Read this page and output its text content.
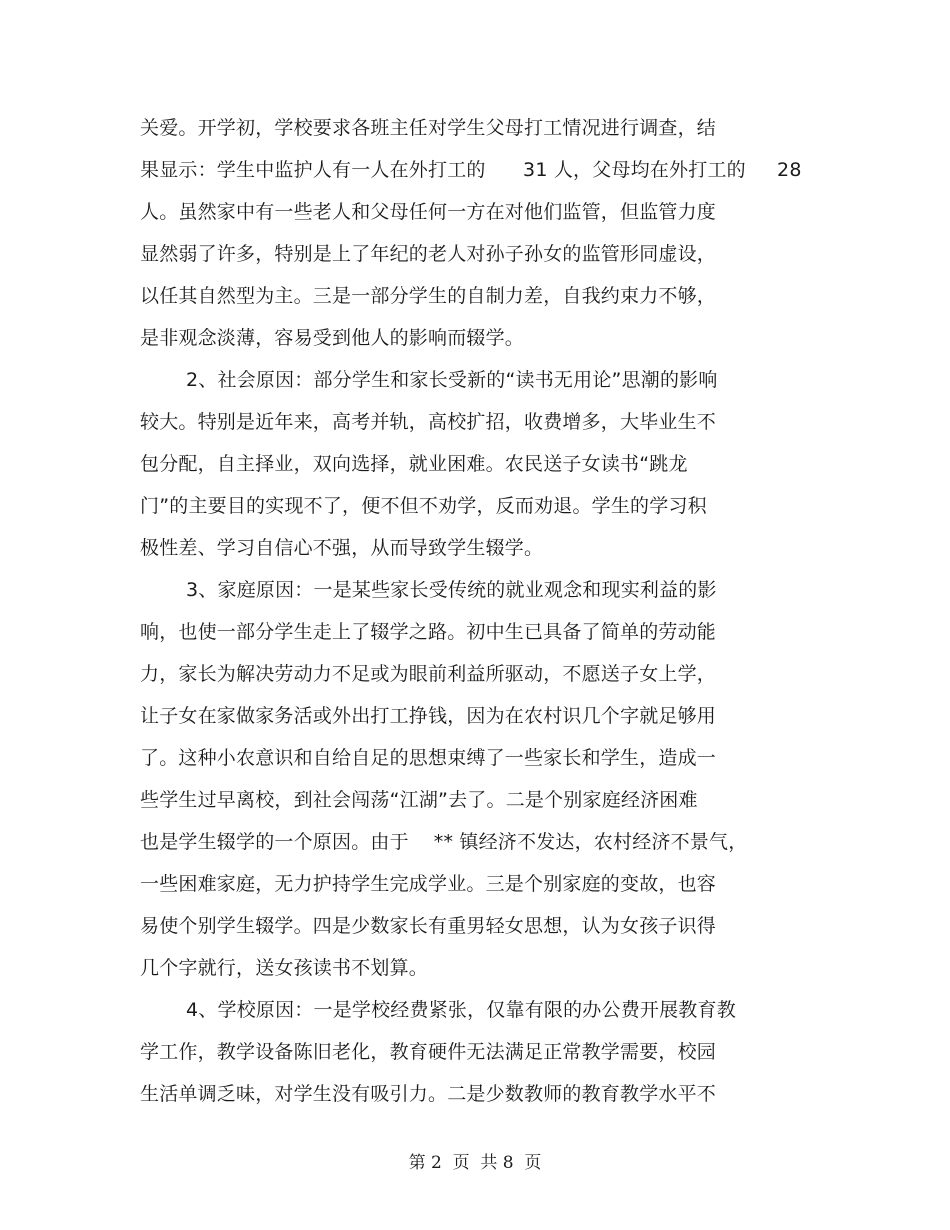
关爱。开学初，学校要求各班主任对学生父母打工情况进行调查，结
果显示：学生中监护人有一人在外打工的      31 人，父母均在外打工的     28
人。虽然家中有一些老人和父母任何一方在对他们监管，但监管力度
显然弱了许多，特别是上了年纪的老人对孙子孙女的监管形同虚设，
以任其自然型为主。三是一部分学生的自制力差，自我约束力不够，
是非观念淡薄，容易受到他人的影响而辍学。
2、社会原因：部分学生和家长受新的“读书无用论”思潮的影响
较大。特别是近年来，高考并轨，高校扩招，收费增多，大毕业生不
包分配，自主择业，双向选择，就业困难。农民送子女读书“跳龙
门”的主要目的实现不了，便不但不劝学，反而劝退。学生的学习积
极性差、学习自信心不强，从而导致学生辍学。
3、家庭原因：一是某些家长受传统的就业观念和现实利益的影
响，也使一部分学生走上了辍学之路。初中生已具备了简单的劳动能
力，家长为解决劳动力不足或为眼前利益所驱动，不愿送子女上学，
让子女在家做家务活或外出打工挣钱，因为在农村识几个字就足够用
了。这种小农意识和自给自足的思想束缚了一些家长和学生，造成一
些学生过早离校，到社会闯荡“江湖”去了。二是个别家庭经济困难
也是学生辍学的一个原因。由于    ** 镇经济不发达，农村经济不景气，
一些困难家庭，无力护持学生完成学业。三是个别家庭的变故，也容
易使个别学生辍学。四是少数家长有重男轻女思想，认为女孩子识得
几个字就行，送女孩读书不划算。
4、学校原因：一是学校经费紧张，仅靠有限的办公费开展教育教
学工作，教学设备陈旧老化，教育硬件无法满足正常教学需要，校园
生活单调乏味，对学生没有吸引力。二是少数教师的教育教学水平不
第 2  页  共 8  页
